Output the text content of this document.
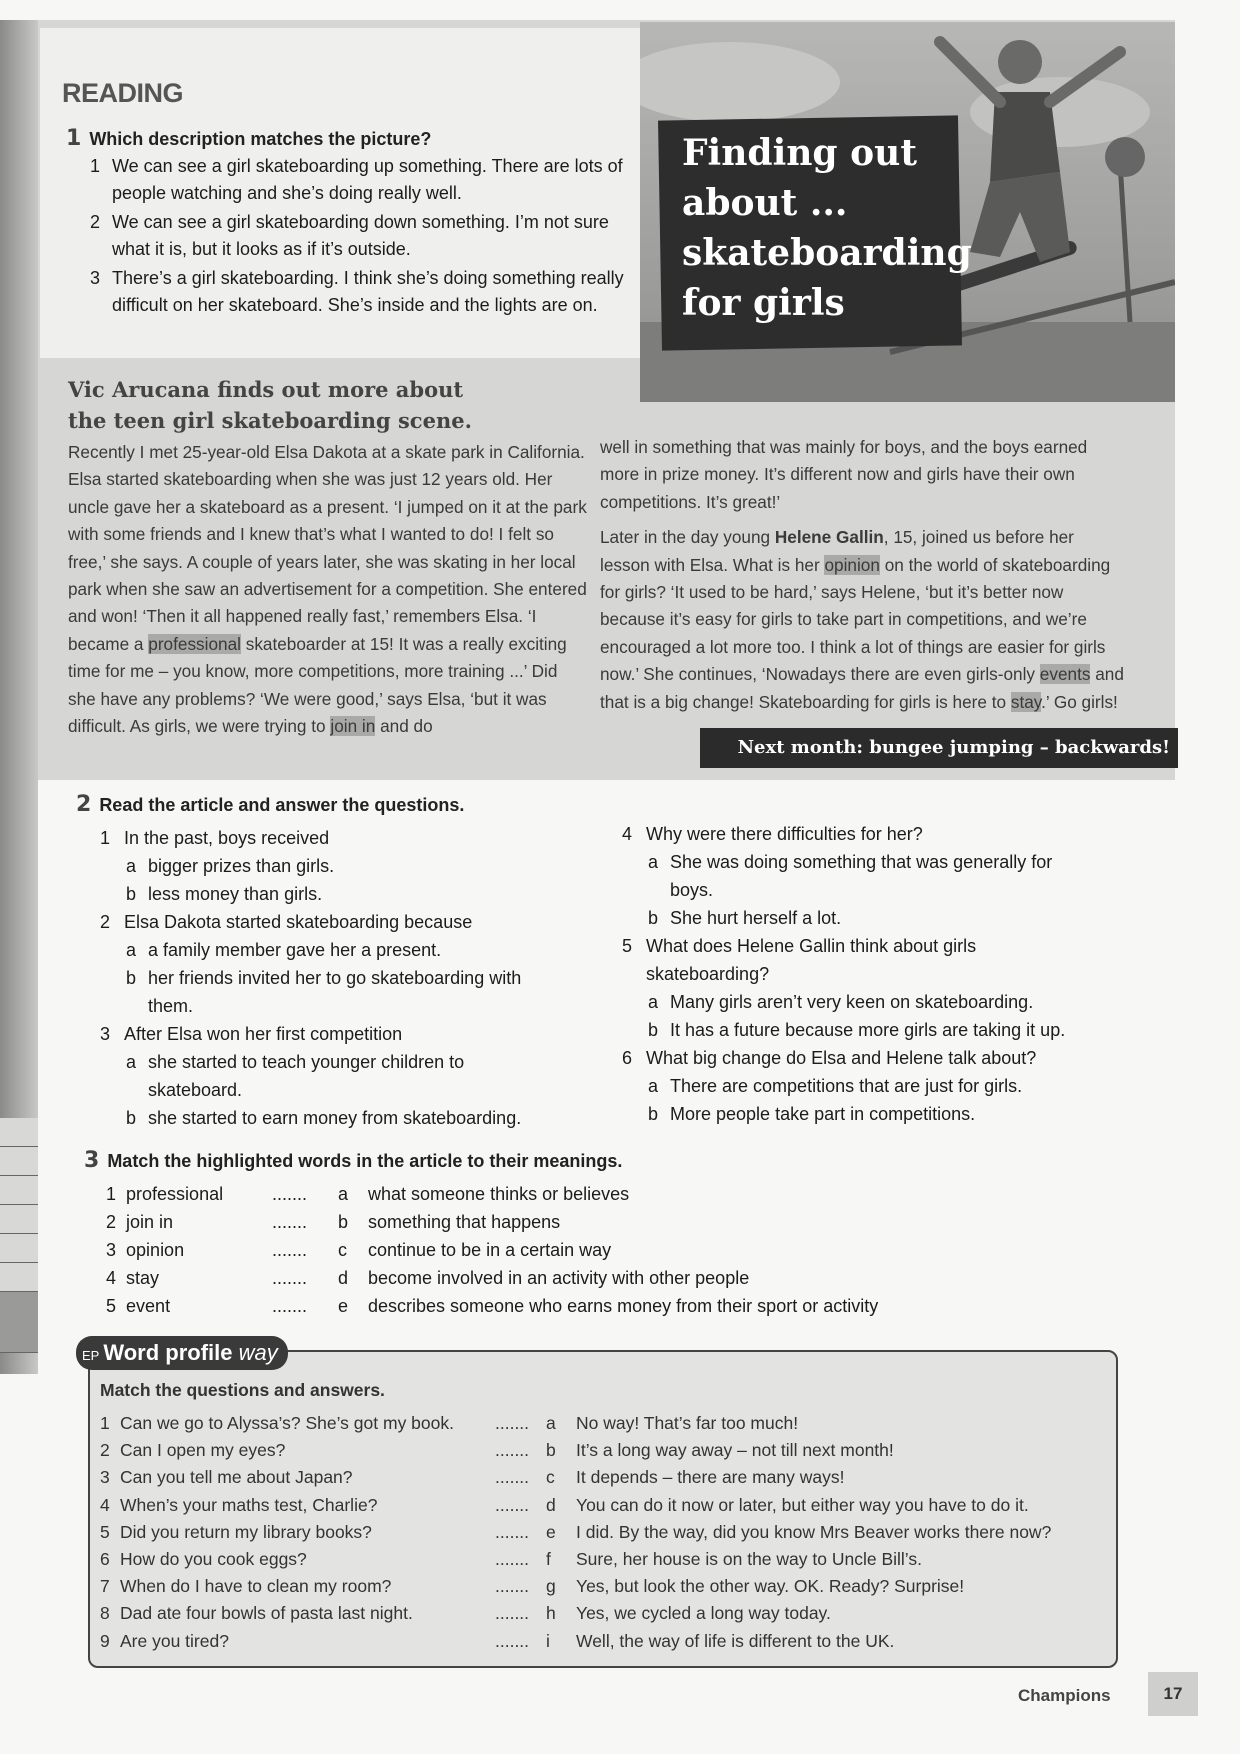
READING
1 Which description matches the picture?
1 We can see a girl skateboarding up something. There are lots of people watching and she’s doing really well.
2 We can see a girl skateboarding down something. I’m not sure what it is, but it looks as if it’s outside.
3 There’s a girl skateboarding. I think she’s doing something really difficult on her skateboard. She’s inside and the lights are on.
Finding out
about ...
skateboarding
for girls
Vic Arucana finds out more about
the teen girl skateboarding scene.
Recently I met 25-year-old Elsa Dakota at a skate park in California. Elsa started skateboarding when she was just 12 years old. Her uncle gave her a skateboard as a present. ‘I jumped on it at the park with some friends and I knew that’s what I wanted to do! I felt so free,’ she says. A couple of years later, she was skating in her local park when she saw an advertisement for a competition. She entered and won! ‘Then it all happened really fast,’ remembers Elsa. ‘I became a professional skateboarder at 15! It was a really exciting time for me – you know, more competitions, more training ...’ Did she have any problems? ‘We were good,’ says Elsa, ‘but it was difficult. As girls, we were trying to join in and do
well in something that was mainly for boys, and the boys earned more in prize money. It’s different now and girls have their own competitions. It’s great!’
Later in the day young Helene Gallin, 15, joined us before her lesson with Elsa. What is her opinion on the world of skateboarding for girls? ‘It used to be hard,’ says Helene, ‘but it’s better now because it’s easy for girls to take part in competitions, and we’re encouraged a lot more too. I think a lot of things are easier for girls now.’ She continues, ‘Nowadays there are even girls-only events and that is a big change! Skateboarding for girls is here to stay.’ Go girls!
Next month: bungee jumping – backwards!
2 Read the article and answer the questions.
1 In the past, boys received
a bigger prizes than girls.
b less money than girls.
2 Elsa Dakota started skateboarding because
a a family member gave her a present.
b her friends invited her to go skateboarding with them.
3 After Elsa won her first competition
a she started to teach younger children to skateboard.
b she started to earn money from skateboarding.
4 Why were there difficulties for her?
a She was doing something that was generally for boys.
b She hurt herself a lot.
5 What does Helene Gallin think about girls skateboarding?
a Many girls aren’t very keen on skateboarding.
b It has a future because more girls are taking it up.
6 What big change do Elsa and Helene talk about?
a There are competitions that are just for girls.
b More people take part in competitions.
3 Match the highlighted words in the article to their meanings.
1 professional	....... a what someone thinks or believes
2 join in	....... b something that happens
3 opinion	....... c continue to be in a certain way
4 stay	....... d become involved in an activity with other people
5 event	....... e describes someone who earns money from their sport or activity
EP Word profile way
Match the questions and answers.
1 Can we go to Alyssa’s? She’s got my book. ....... a No way! That’s far too much!
2 Can I open my eyes?	....... b It’s a long way away – not till next month!
3 Can you tell me about Japan?	....... c It depends – there are many ways!
4 When’s your maths test, Charlie?	....... d You can do it now or later, but either way you have to do it.
5 Did you return my library books?	....... e I did. By the way, did you know Mrs Beaver works there now?
6 How do you cook eggs?	....... f Sure, her house is on the way to Uncle Bill’s.
7 When do I have to clean my room?	....... g Yes, but look the other way. OK. Ready? Surprise!
8 Dad ate four bowls of pasta last night.	....... h Yes, we cycled a long way today.
9 Are you tired?	....... i Well, the way of life is different to the UK.
Champions	17
